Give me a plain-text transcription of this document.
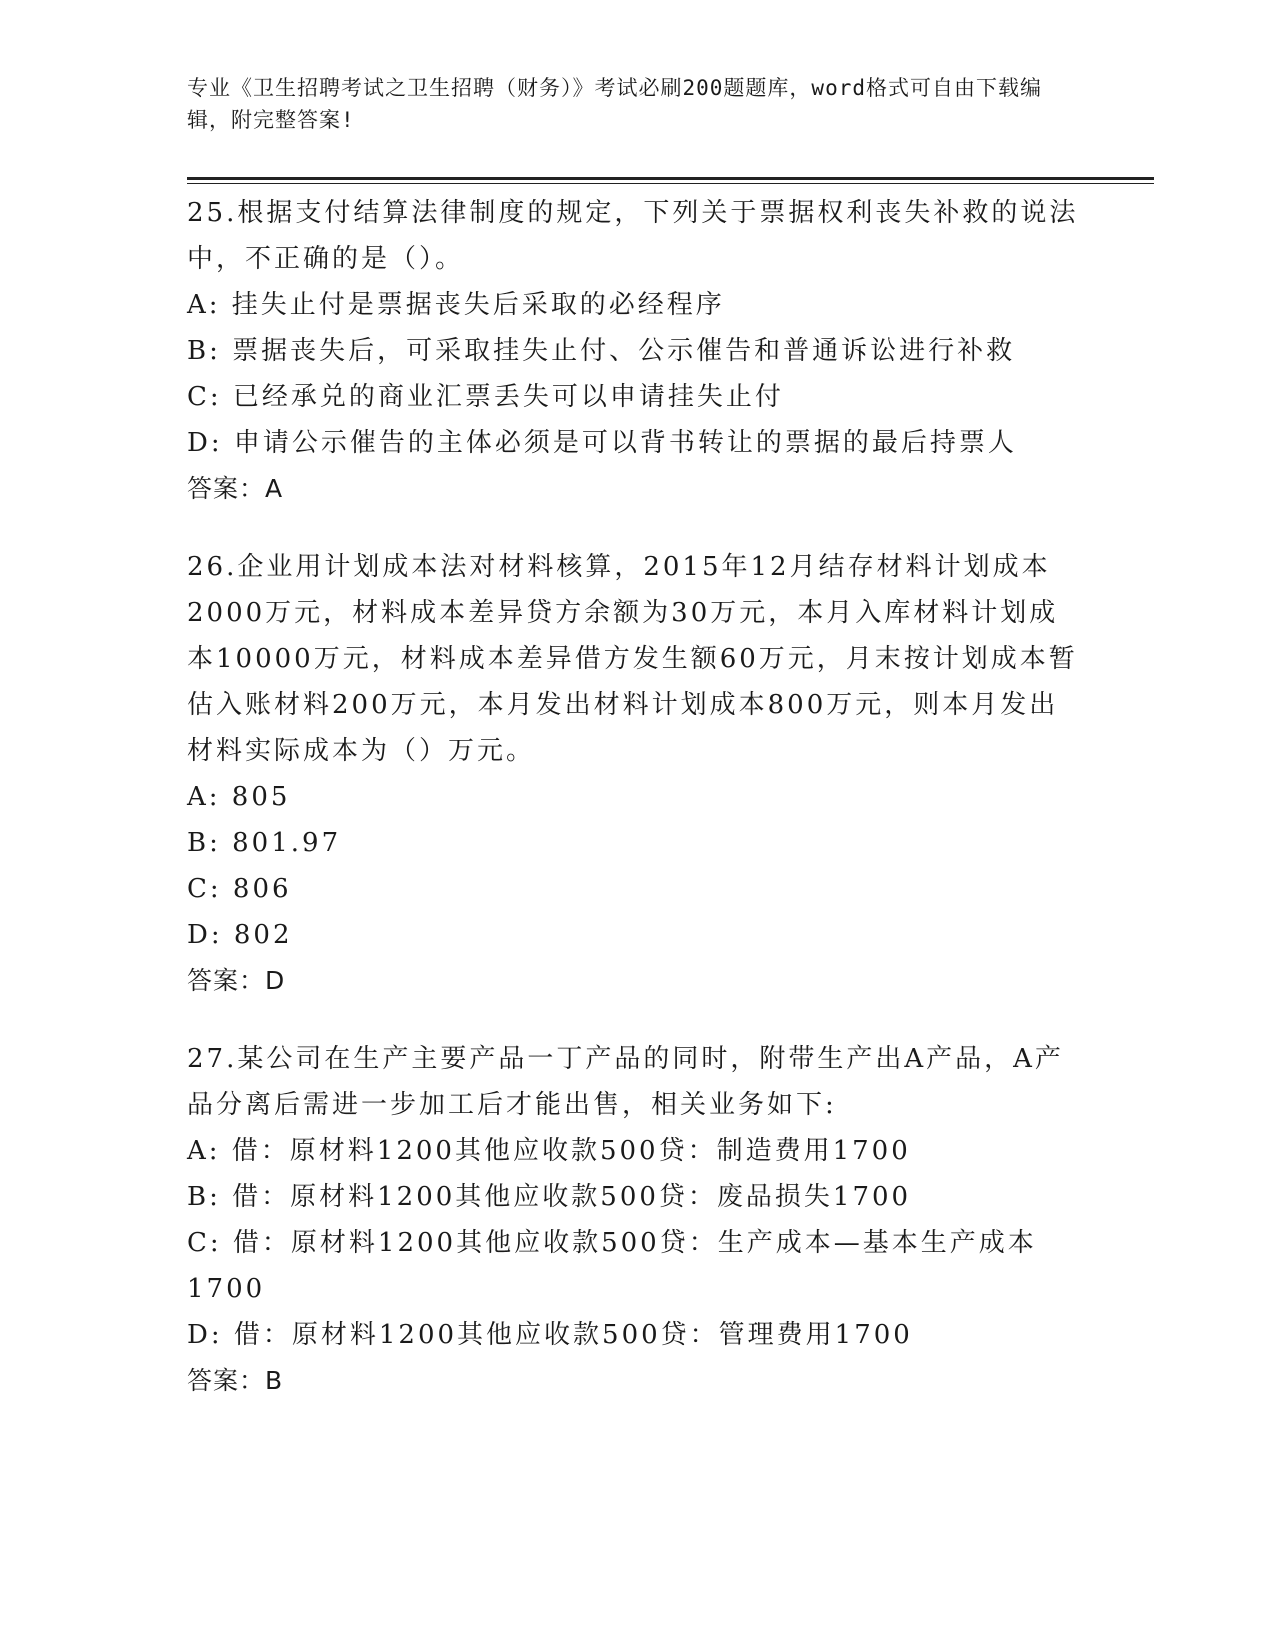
专业《卫生招聘考试之卫生招聘（财务）》考试必刷200题题库，word格式可自由下载编辑，附完整答案!

25.根据支付结算法律制度的规定，下列关于票据权利丧失补救的说法中，不正确的是（）。

A: 挂失止付是票据丧失后采取的必经程序

B: 票据丧失后，可采取挂失止付、公示催告和普通诉讼进行补救

C: 已经承兑的商业汇票丢失可以申请挂失止付

D: 申请公示催告的主体必须是可以背书转让的票据的最后持票人

答案：A

26.企业用计划成本法对材料核算，2015年12月结存材料计划成本2000万元，材料成本差异贷方余额为30万元，本月入库材料计划成本10000万元，材料成本差异借方发生额60万元，月末按计划成本暂估入账材料200万元，本月发出材料计划成本800万元，则本月发出材料实际成本为（）万元。

A: 805

B: 801.97

C: 806

D: 802

答案：D

27.某公司在生产主要产品一丁产品的同时，附带生产出A产品，A产品分离后需进一步加工后才能出售，相关业务如下:

A: 借：原材料1200其他应收款500贷：制造费用1700

B: 借：原材料1200其他应收款500贷：废品损失1700

C: 借：原材料1200其他应收款500贷：生产成本—基本生产成本1700

D: 借：原材料1200其他应收款500贷：管理费用1700

答案：B
